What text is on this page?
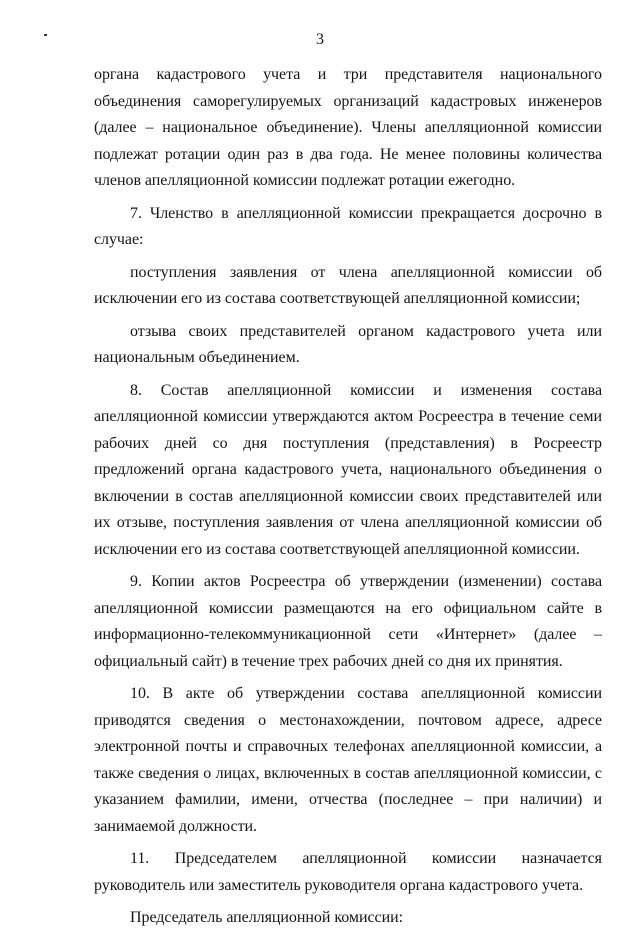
3

органа кадастрового учета и три представителя национального объединения саморегулируемых организаций кадастровых инженеров (далее – национальное объединение). Члены апелляционной комиссии подлежат ротации один раз в два года. Не менее половины количества членов апелляционной комиссии подлежат ротации ежегодно.

7. Членство в апелляционной комиссии прекращается досрочно в случае:

поступления заявления от члена апелляционной комиссии об исключении его из состава соответствующей апелляционной комиссии;

отзыва своих представителей органом кадастрового учета или национальным объединением.

8. Состав апелляционной комиссии и изменения состава апелляционной комиссии утверждаются актом Росреестра в течение семи рабочих дней со дня поступления (представления) в Росреестр предложений органа кадастрового учета, национального объединения о включении в состав апелляционной комиссии своих представителей или их отзыве, поступления заявления от члена апелляционной комиссии об исключении его из состава соответствующей апелляционной комиссии.

9. Копии актов Росреестра об утверждении (изменении) состава апелляционной комиссии размещаются на его официальном сайте в информационно-телекоммуникационной сети «Интернет» (далее – официальный сайт) в течение трех рабочих дней со дня их принятия.

10. В акте об утверждении состава апелляционной комиссии приводятся сведения о местонахождении, почтовом адресе, адресе электронной почты и справочных телефонах апелляционной комиссии, а также сведения о лицах, включенных в состав апелляционной комиссии, с указанием фамилии, имени, отчества (последнее – при наличии) и занимаемой должности.

11. Председателем апелляционной комиссии назначается руководитель или заместитель руководителя органа кадастрового учета.

Председатель апелляционной комиссии:
